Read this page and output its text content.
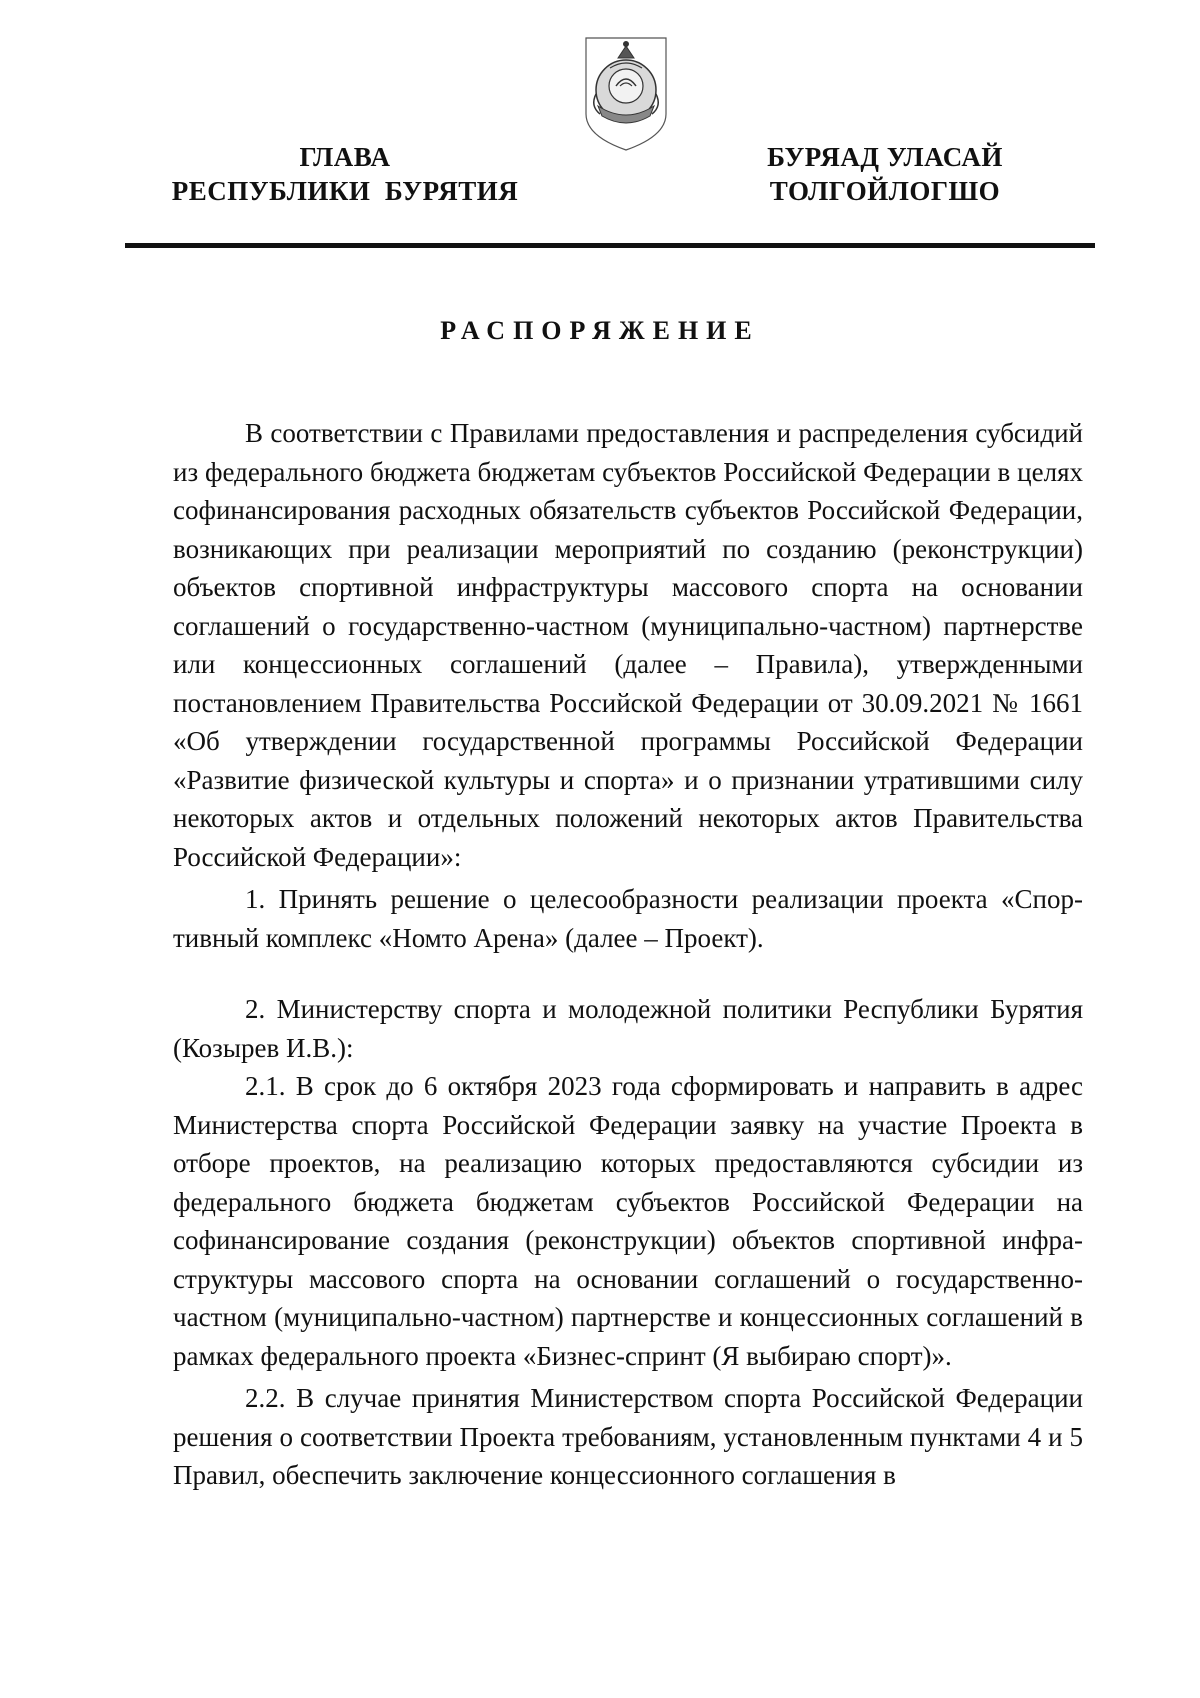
ГЛАВА
РЕСПУБЛИКИ  БУРЯТИЯ
БУРЯАД УЛАСАЙ
ТОЛГОЙЛОГШО
РАСПОРЯЖЕНИЕ

В соответствии с Правилами предоставления и распределения субсидий из федерального бюджета бюджетам субъектов Российской Федерации в целях софинансирования расходных обязательств субъектов Российской Федерации, возникающих при реализации мероприятий по созданию (реконструкции) объектов спортивной инфраструктуры массового спорта на основании соглашений о государственно-частном (муниципально-частном) партнерстве или концессионных соглашений (далее – Правила), утвержденными постановлением Правительства Российской Федерации от 30.09.2021 № 1661 «Об утверждении государственной программы Российской Федерации «Развитие физической культуры и спорта» и о признании утратившими силу некоторых актов и отдельных положений некоторых актов Правительства Российской Федерации»:

1. Принять решение о целесообразности реализации проекта «Спортивный комплекс «Номто Арена» (далее – Проект).

2. Министерству спорта и молодежной политики Республики Бурятия (Козырев И.В.):

2.1. В срок до 6 октября 2023 года сформировать и направить в адрес Министерства спорта Российской Федерации заявку на участие Проекта в отборе проектов, на реализацию которых предоставляются субсидии из федерального бюджета бюджетам субъектов Российской Федерации на софинансирование создания (реконструкции) объектов спортивной инфраструктуры массового спорта на основании соглашений о государственно-частном (муниципально-частном) партнерстве и концессионных соглашений в рамках федерального проекта «Бизнес-спринт (Я выбираю спорт)».

2.2. В случае принятия Министерством спорта Российской Федерации решения о соответствии Проекта требованиям, установленным пунктами 4 и 5 Правил, обеспечить заключение концессионного соглашения в
